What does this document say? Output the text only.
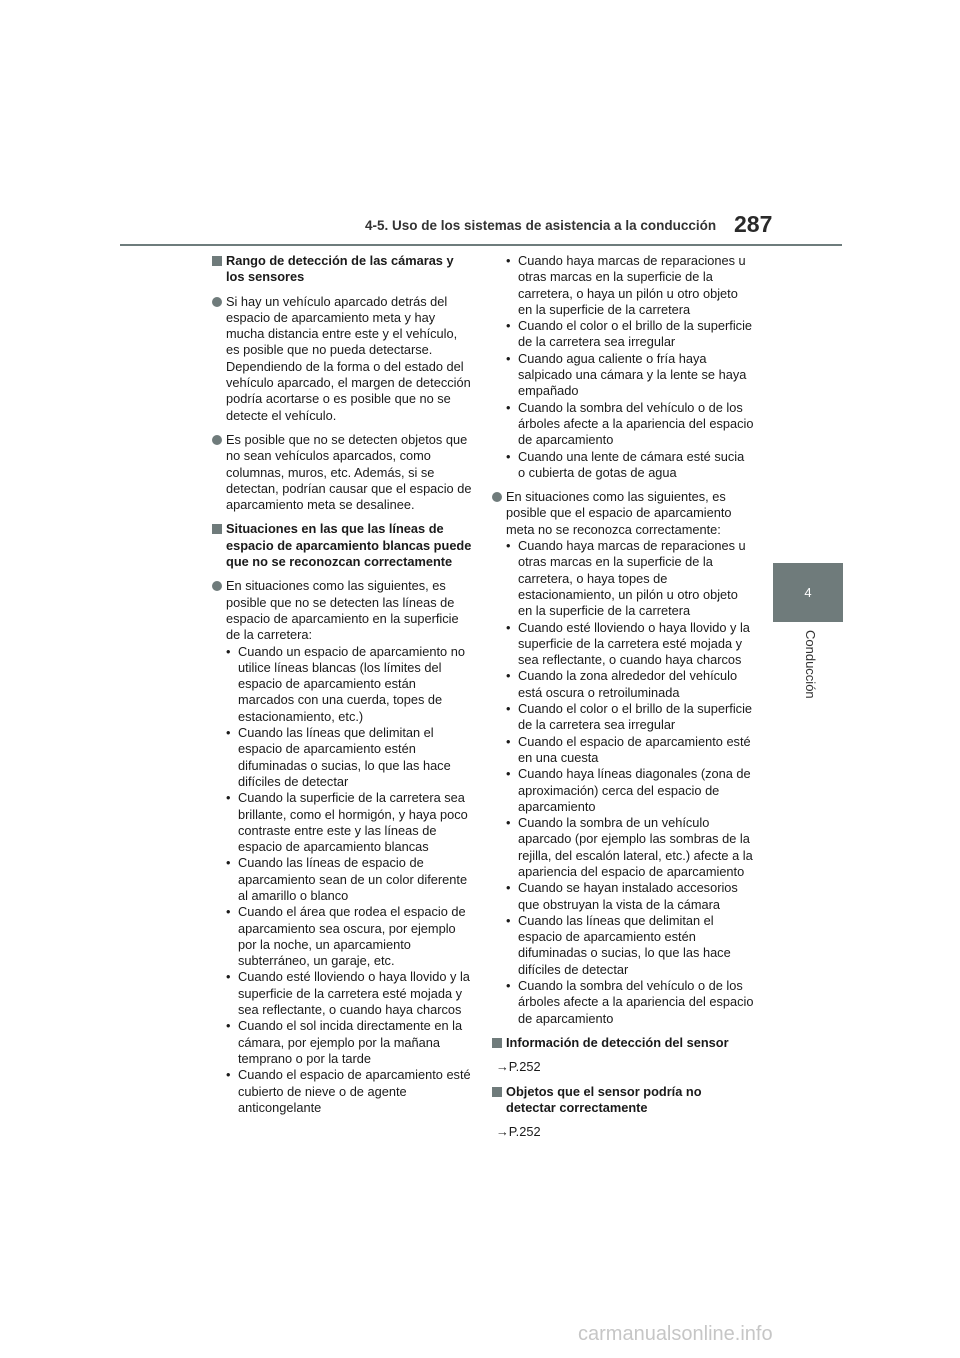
4-5. Uso de los sistemas de asistencia a la conducción 287
4
Conducción
Rango de detección de las cámaras y los sensores
Si hay un vehículo aparcado detrás del espacio de aparcamiento meta y hay mucha distancia entre este y el vehículo, es posible que no pueda detectarse. Dependiendo de la forma o del estado del vehículo aparcado, el margen de detección podría acortarse o es posible que no se detecte el vehículo.
Es posible que no se detecten objetos que no sean vehículos aparcados, como columnas, muros, etc. Además, si se detectan, podrían causar que el espacio de aparcamiento meta se desalinee.
Situaciones en las que las líneas de espacio de aparcamiento blancas puede que no se reconozcan correctamente
En situaciones como las siguientes, es posible que no se detecten las líneas de espacio de aparcamiento en la superficie de la carretera:
• Cuando un espacio de aparcamiento no utilice líneas blancas (los límites del espacio de aparcamiento están marcados con una cuerda, topes de estacionamiento, etc.)
• Cuando las líneas que delimitan el espacio de aparcamiento estén difuminadas o sucias, lo que las hace difíciles de detectar
• Cuando la superficie de la carretera sea brillante, como el hormigón, y haya poco contraste entre este y las líneas de espacio de aparcamiento blancas
• Cuando las líneas de espacio de aparcamiento sean de un color diferente al amarillo o blanco
• Cuando el área que rodea el espacio de aparcamiento sea oscura, por ejemplo por la noche, un aparcamiento subterráneo, un garaje, etc.
• Cuando esté lloviendo o haya llovido y la superficie de la carretera esté mojada y sea reflectante, o cuando haya charcos
• Cuando el sol incida directamente en la cámara, por ejemplo por la mañana temprano o por la tarde
• Cuando el espacio de aparcamiento esté cubierto de nieve o de agente anticongelante
• Cuando haya marcas de reparaciones u otras marcas en la superficie de la carretera, o haya un pilón u otro objeto en la superficie de la carretera
• Cuando el color o el brillo de la superficie de la carretera sea irregular
• Cuando agua caliente o fría haya salpicado una cámara y la lente se haya empañado
• Cuando la sombra del vehículo o de los árboles afecte a la apariencia del espacio de aparcamiento
• Cuando una lente de cámara esté sucia o cubierta de gotas de agua
En situaciones como las siguientes, es posible que el espacio de aparcamiento meta no se reconozca correctamente:
• Cuando haya marcas de reparaciones u otras marcas en la superficie de la carretera, o haya topes de estacionamiento, un pilón u otro objeto en la superficie de la carretera
• Cuando esté lloviendo o haya llovido y la superficie de la carretera esté mojada y sea reflectante, o cuando haya charcos
• Cuando la zona alrededor del vehículo está oscura o retroiluminada
• Cuando el color o el brillo de la superficie de la carretera sea irregular
• Cuando el espacio de aparcamiento esté en una cuesta
• Cuando haya líneas diagonales (zona de aproximación) cerca del espacio de aparcamiento
• Cuando la sombra de un vehículo aparcado (por ejemplo las sombras de la rejilla, del escalón lateral, etc.) afecte a la apariencia del espacio de aparcamiento
• Cuando se hayan instalado accesorios que obstruyan la vista de la cámara
• Cuando las líneas que delimitan el espacio de aparcamiento estén difuminadas o sucias, lo que las hace difíciles de detectar
• Cuando la sombra del vehículo o de los árboles afecte a la apariencia del espacio de aparcamiento
Información de detección del sensor
→P.252
Objetos que el sensor podría no detectar correctamente
→P.252
carmanualsonline.info
